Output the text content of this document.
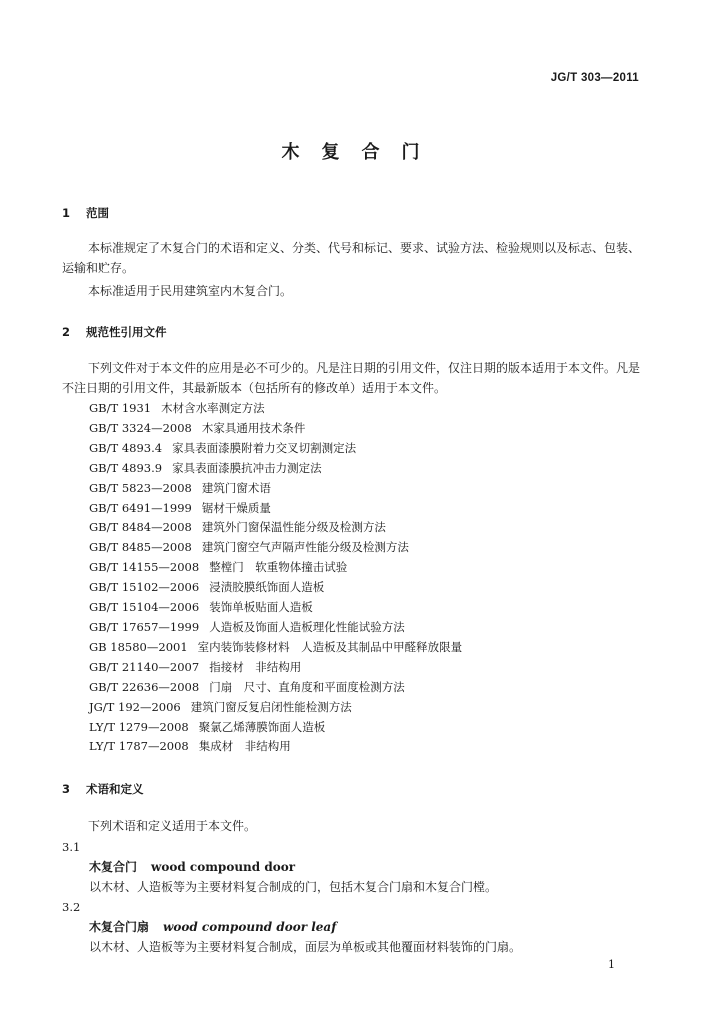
JG/T 303—2011
木复合门
1 范围
本标准规定了木复合门的术语和定义、分类、代号和标记、要求、试验方法、检验规则以及标志、包装、运输和贮存。
本标准适用于民用建筑室内木复合门。
2 规范性引用文件
下列文件对于本文件的应用是必不可少的。凡是注日期的引用文件，仅注日期的版本适用于本文件。凡是不注日期的引用文件，其最新版本（包括所有的修改单）适用于本文件。
GB/T 1931 木材含水率测定方法
GB/T 3324—2008 木家具通用技术条件
GB/T 4893.4 家具表面漆膜附着力交叉切割测定法
GB/T 4893.9 家具表面漆膜抗冲击力测定法
GB/T 5823—2008 建筑门窗术语
GB/T 6491—1999 锯材干燥质量
GB/T 8484—2008 建筑外门窗保温性能分级及检测方法
GB/T 8485—2008 建筑门窗空气声隔声性能分级及检测方法
GB/T 14155—2008 整樘门　软重物体撞击试验
GB/T 15102—2006 浸渍胶膜纸饰面人造板
GB/T 15104—2006 装饰单板贴面人造板
GB/T 17657—1999 人造板及饰面人造板理化性能试验方法
GB 18580—2001 室内装饰装修材料　人造板及其制品中甲醛释放限量
GB/T 21140—2007 指接材　非结构用
GB/T 22636—2008 门扇　尺寸、直角度和平面度检测方法
JG/T 192—2006 建筑门窗反复启闭性能检测方法
LY/T 1279—2008 聚氯乙烯薄膜饰面人造板
LY/T 1787—2008 集成材　非结构用
3 术语和定义
下列术语和定义适用于本文件。
3.1
木复合门 wood compound door
以木材、人造板等为主要材料复合制成的门，包括木复合门扇和木复合门樘。
3.2
木复合门扇 wood compound door leaf
以木材、人造板等为主要材料复合制成，面层为单板或其他覆面材料装饰的门扇。
1
